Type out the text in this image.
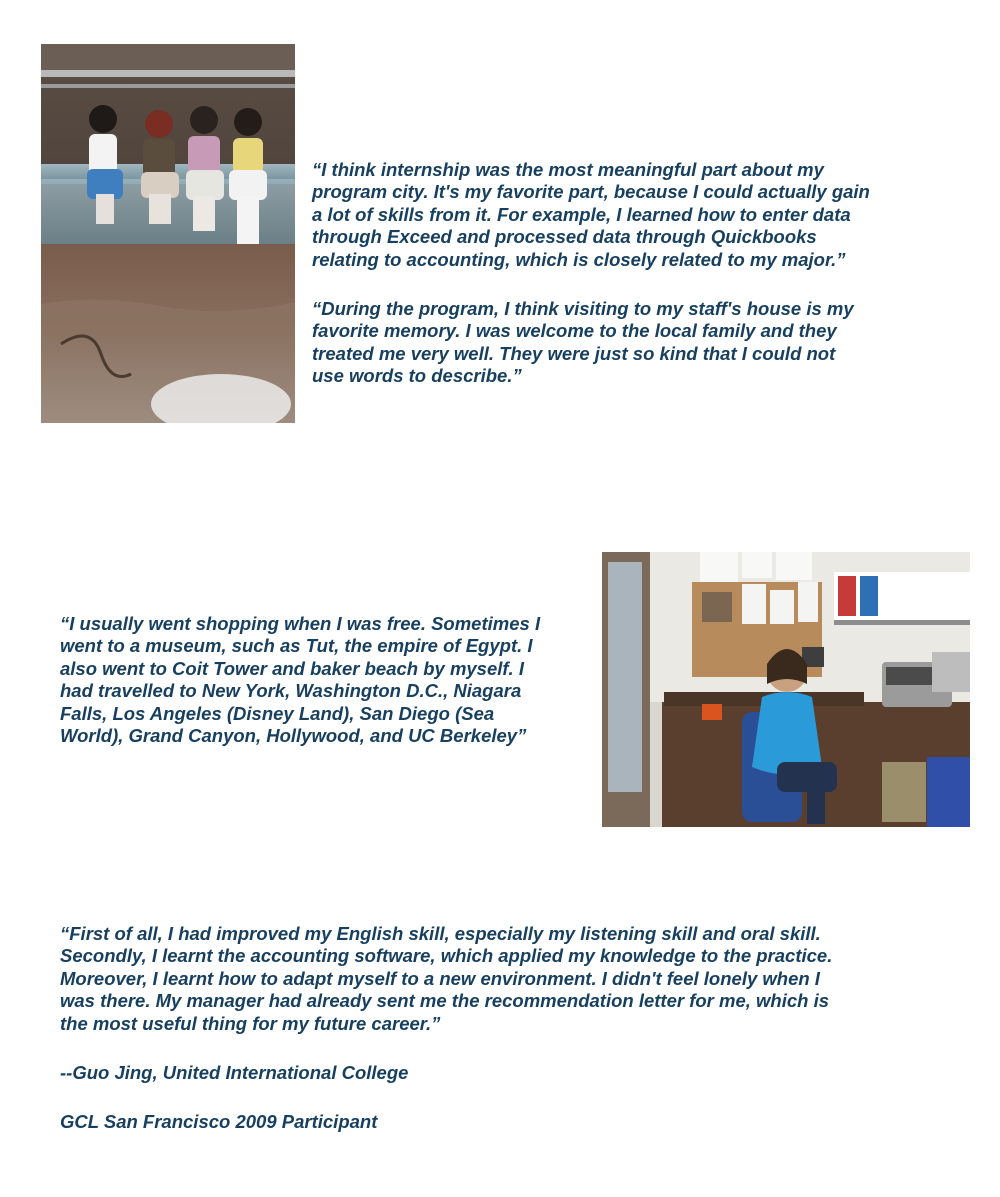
“I think internship was the most meaningful part about my
program city. It's my favorite part, because I could actually gain
a lot of skills from it. For example, I learned how to enter data
through Exceed and processed data through Quickbooks
relating to accounting, which is closely related to my major.”

“During the program, I think visiting to my staff's house is my
favorite memory. I was welcome to the local family and they
treated me very well. They were just so kind that I could not
use words to describe.”

“I usually went shopping when I was free. Sometimes I
went to a museum, such as Tut, the empire of Egypt. I
also went to Coit Tower and baker beach by myself. I
had travelled to New York, Washington D.C., Niagara
Falls, Los Angeles (Disney Land), San Diego (Sea
World), Grand Canyon, Hollywood, and UC Berkeley”

“First of all, I had improved my English skill, especially my listening skill and oral skill.
Secondly, I learnt the accounting software, which applied my knowledge to the practice.
Moreover, I learnt how to adapt myself to a new environment. I didn't feel lonely when I
was there. My manager had already sent me the recommendation letter for me, which is
the most useful thing for my future career.”

--Guo Jing, United International College

GCL San Francisco 2009 Participant
